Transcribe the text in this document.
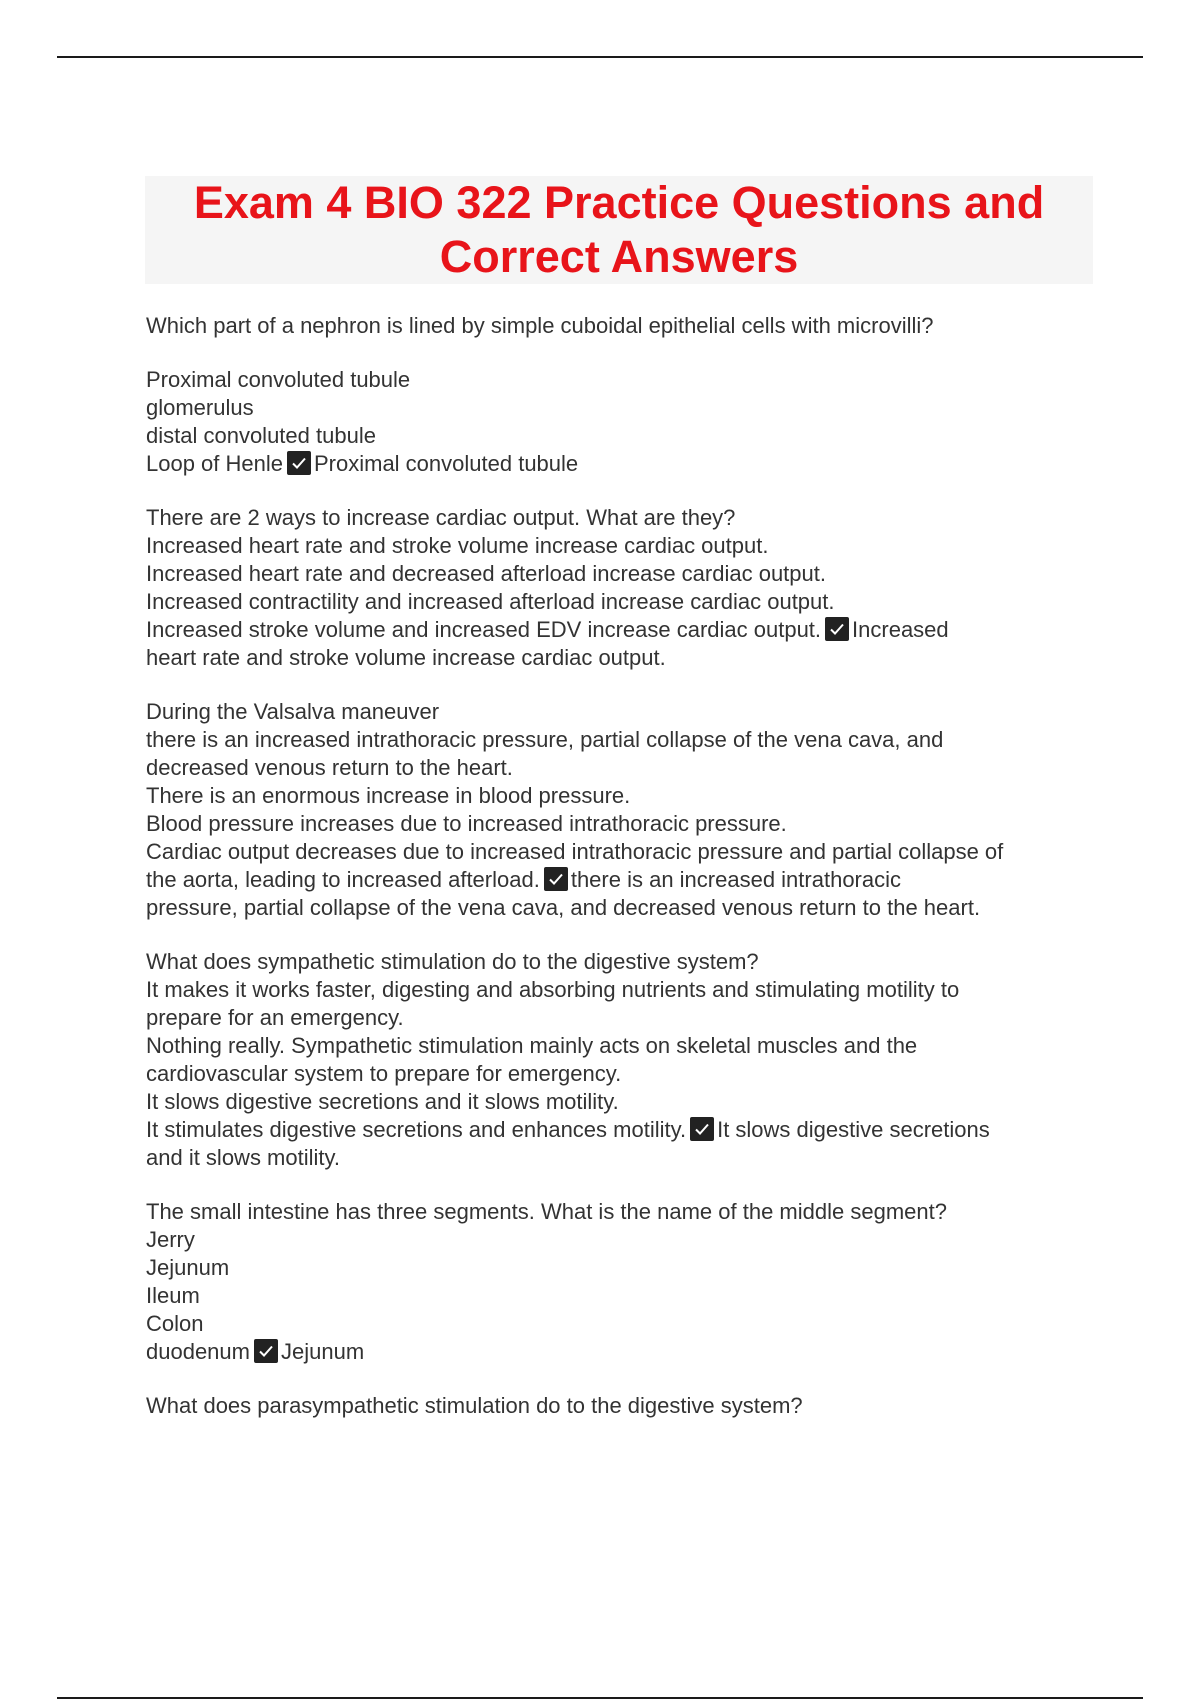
Exam 4 BIO 322 Practice Questions and
Correct Answers

Which part of a nephron is lined by simple cuboidal epithelial cells with microvilli?

Proximal convoluted tubule
glomerulus
distal convoluted tubule
Loop of Henle Proximal convoluted tubule

There are 2 ways to increase cardiac output. What are they?

Increased heart rate and stroke volume increase cardiac output.
Increased heart rate and decreased afterload increase cardiac output.
Increased contractility and increased afterload increase cardiac output.
Increased stroke volume and increased EDV increase cardiac output. Increased
heart rate and stroke volume increase cardiac output.

During the Valsalva maneuver

there is an increased intrathoracic pressure, partial collapse of the vena cava, and
decreased venous return to the heart.
There is an enormous increase in blood pressure.
Blood pressure increases due to increased intrathoracic pressure.
Cardiac output decreases due to increased intrathoracic pressure and partial collapse of
the aorta, leading to increased afterload. there is an increased intrathoracic
pressure, partial collapse of the vena cava, and decreased venous return to the heart.

What does sympathetic stimulation do to the digestive system?

It makes it works faster, digesting and absorbing nutrients and stimulating motility to
prepare for an emergency.
Nothing really. Sympathetic stimulation mainly acts on skeletal muscles and the
cardiovascular system to prepare for emergency.
It slows digestive secretions and it slows motility.
It stimulates digestive secretions and enhances motility. It slows digestive secretions
and it slows motility.

The small intestine has three segments. What is the name of the middle segment?

Jerry
Jejunum
Ileum
Colon
duodenum Jejunum

What does parasympathetic stimulation do to the digestive system?
